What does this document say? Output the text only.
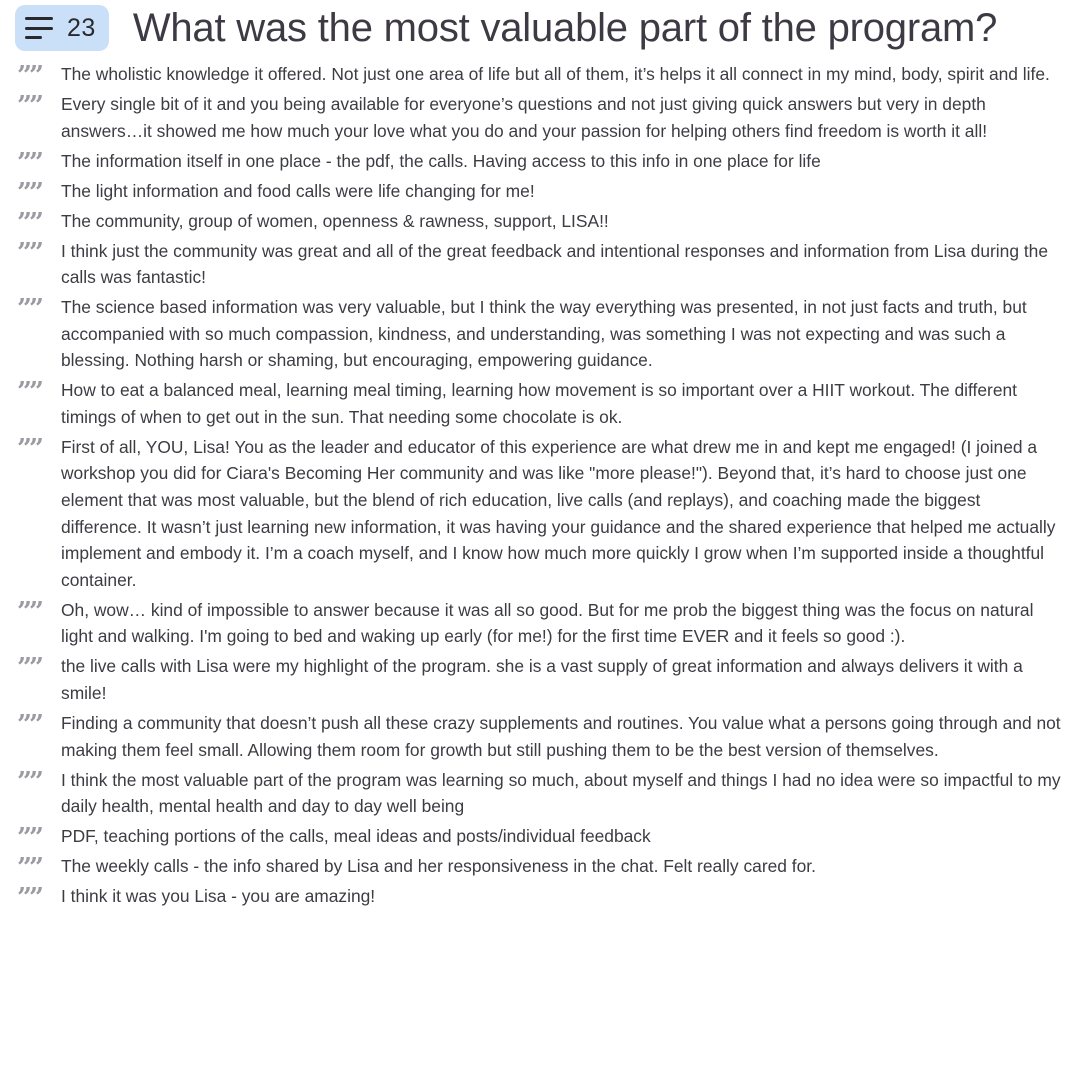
23 What was the most valuable part of the program?
””	The wholistic knowledge it offered. Not just one area of life but all of them, it’s helps it all connect in my mind, body, spirit and life.
””	Every single bit of it and you being available for everyone’s questions and not just giving quick answers but very in depth answers…it showed me how much your love what you do and your passion for helping others find freedom is worth it all!
””	The information itself in one place - the pdf, the calls. Having access to this info in one place for life
””	The light information and food calls were life changing for me!
””	The community, group of women, openness & rawness, support, LISA!!
””	I think just the community was great and all of the great feedback and intentional responses and information from Lisa during the calls was fantastic!
””	The science based information was very valuable, but I think the way everything was presented, in not just facts and truth, but accompanied with so much compassion, kindness, and understanding, was something I was not expecting and was such a blessing. Nothing harsh or shaming, but encouraging, empowering guidance.
””	How to eat a balanced meal, learning meal timing, learning how movement is so important over a HIIT workout. The different timings of when to get out in the sun. That needing some chocolate is ok.
””	First of all, YOU, Lisa! You as the leader and educator of this experience are what drew me in and kept me engaged! (I joined a workshop you did for Ciara's Becoming Her community and was like "more please!"). Beyond that, it’s hard to choose just one element that was most valuable, but the blend of rich education, live calls (and replays), and coaching made the biggest difference. It wasn’t just learning new information, it was having your guidance and the shared experience that helped me actually implement and embody it. I’m a coach myself, and I know how much more quickly I grow when I’m supported inside a thoughtful container.
””	Oh, wow… kind of impossible to answer because it was all so good. But for me prob the biggest thing was the focus on natural light and walking. I'm going to bed and waking up early (for me!) for the first time EVER and it feels so good :).
””	the live calls with Lisa were my highlight of the program. she is a vast supply of great information and always delivers it with a smile!
””	Finding a community that doesn’t push all these crazy supplements and routines. You value what a persons going through and not making them feel small. Allowing them room for growth but still pushing them to be the best version of themselves.
””	I think the most valuable part of the program was learning so much, about myself and things I had no idea were so impactful to my daily health, mental health and day to day well being
””	PDF, teaching portions of the calls, meal ideas and posts/individual feedback
””	The weekly calls - the info shared by Lisa and her responsiveness in the chat. Felt really cared for.
””	I think it was you Lisa - you are amazing!
